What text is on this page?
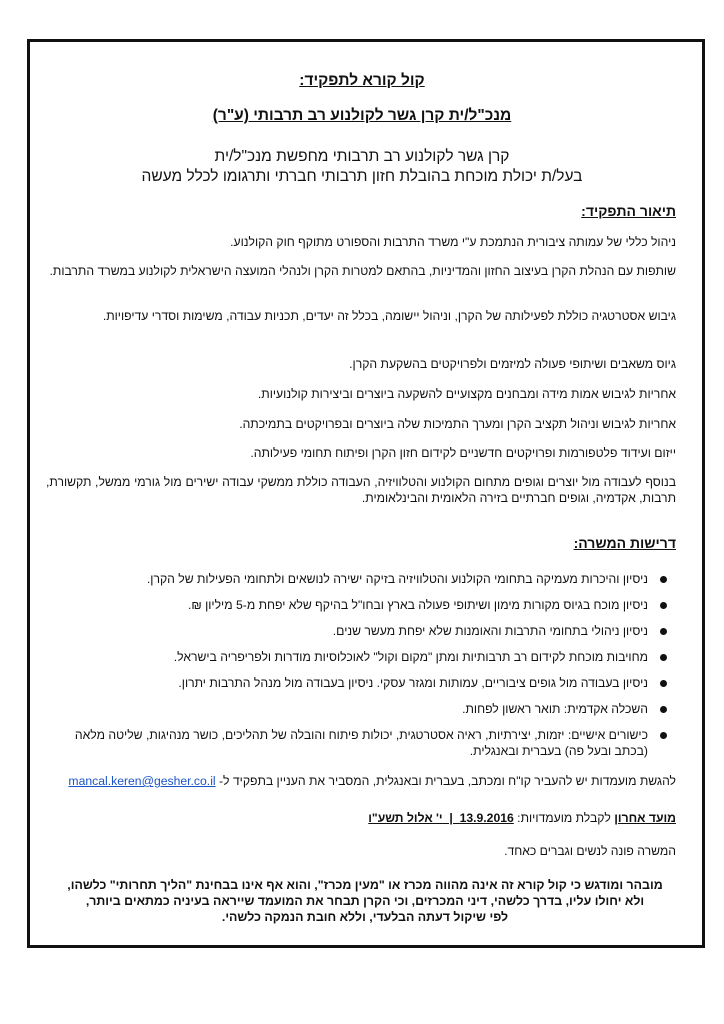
קול קורא לתפקיד:
מנכ"ל/ית קרן גשר לקולנוע רב תרבותי (ע"ר)
קרן גשר לקולנוע רב תרבותי מחפשת מנכ"ל/ית
בעל/ת יכולת מוכחת בהובלת חזון תרבותי חברתי ותרגומו לכלל מעשה
תיאור התפקיד:
ניהול כללי של עמותה ציבורית הנתמכת ע"י משרד התרבות והספורט מתוקף חוק הקולנוע.
שותפות עם הנהלת הקרן בעיצוב החזון והמדיניות, בהתאם למטרות הקרן ולנהלי המועצה הישראלית לקולנוע במשרד התרבות.
גיבוש אסטרטגיה כוללת לפעילותה של הקרן, וניהול יישומה, בכלל זה יעדים, תכניות עבודה, משימות וסדרי עדיפויות.
גיוס משאבים ושיתופי פעולה למיזמים ולפרויקטים בהשקעת הקרן.
אחריות לגיבוש אמות מידה ומבחנים מקצועיים להשקעה ביוצרים וביצירות קולנועיות.
אחריות לגיבוש וניהול תקציב הקרן ומערך התמיכות שלה ביוצרים ובפרויקטים בתמיכתה.
ייזום ועידוד פלטפורמות ופרויקטים חדשניים לקידום חזון הקרן ופיתוח תחומי פעילותה.
בנוסף לעבודה מול יוצרים וגופים מתחום הקולנוע והטלוויזיה, העבודה כוללת ממשקי עבודה ישירים מול גורמי ממשל, תקשורת, תרבות, אקדמיה, וגופים חברתיים בזירה הלאומית והבינלאומית.
דרישות המשרה:
ניסיון והיכרות מעמיקה בתחומי הקולנוע והטלוויזיה בזיקה ישירה לנושאים ולתחומי הפעילות של הקרן.
ניסיון מוכח בגיוס מקורות מימון ושיתופי פעולה בארץ ובחו"ל בהיקף שלא יפחת מ-5 מיליון ₪.
ניסיון ניהולי בתחומי התרבות והאומנות שלא יפחת מעשר שנים.
מחויבות מוכחת לקידום רב תרבותיות ומתן "מקום וקול" לאוכלוסיות מודרות ולפריפריה בישראל.
ניסיון בעבודה מול גופים ציבוריים, עמותות ומגזר עסקי. ניסיון בעבודה מול מנהל התרבות יתרון.
השכלה אקדמית: תואר ראשון לפחות.
כישורים אישיים: יזמות, יצירתיות, ראיה אסטרטגית, יכולות פיתוח והובלה של תהליכים, כושר מנהיגות, שליטה מלאה (בכתב ובעל פה) בעברית ובאנגלית.
להגשת מועמדות יש להעביר קו"ח ומכתב, בעברית ובאנגלית, המסביר את העניין בתפקיד ל- mancal.keren@gesher.co.il
מועד אחרון לקבלת מועמדויות: 13.9.2016  |  י' אלול תשע"ו
המשרה פונה לנשים וגברים כאחד.
מובהר ומודגש כי קול קורא זה אינה מהווה מכרז או "מעין מכרז", והוא אף אינו בבחינת "הליך תחרותי" כלשהו,
ולא יחולו עליו, בדרך כלשהי, דיני המכרזים, וכי הקרן תבחר את המועמד שייראה בעיניה כמתאים ביותר,
לפי שיקול דעתה הבלעדי, וללא חובת הנמקה כלשהי.
